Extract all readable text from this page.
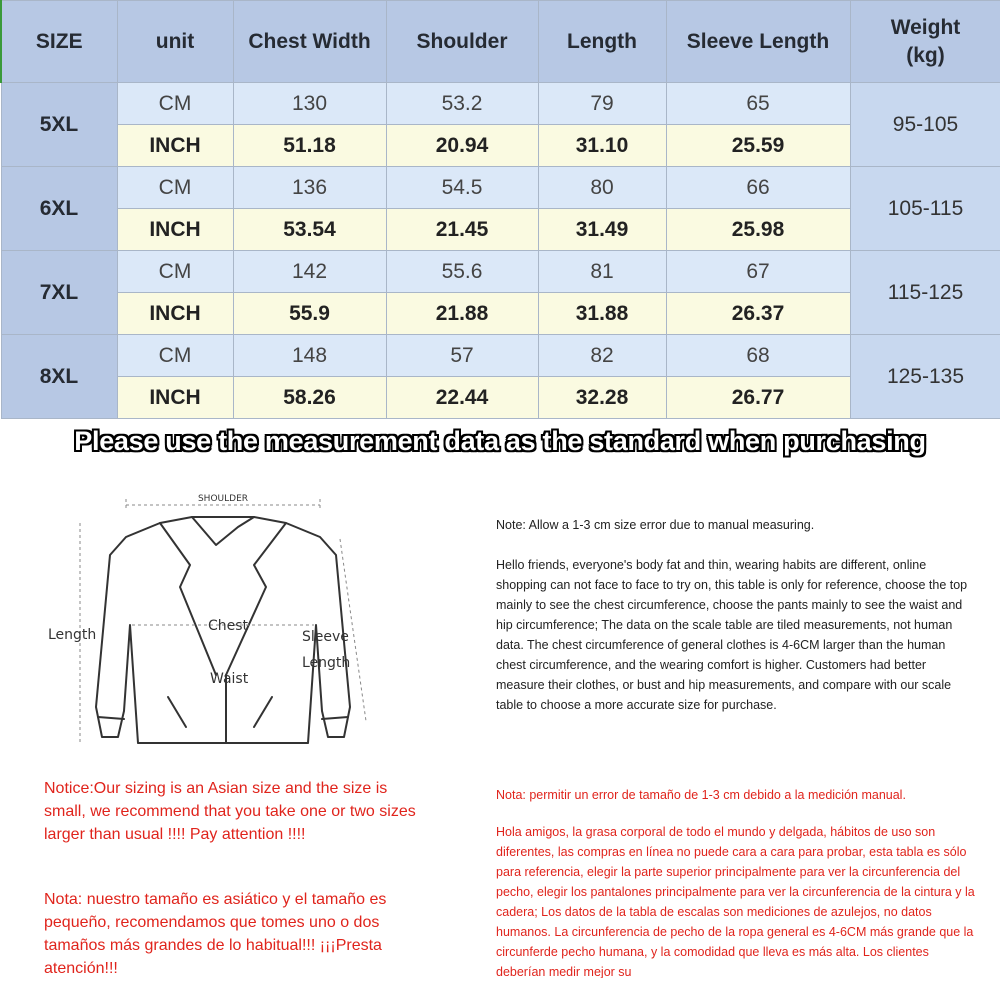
SIZE	unit	Chest Width	Shoulder	Length	Sleeve Length	Weight
(kg)
5XL	CM	130	53.2	79	65	95-105
	INCH	51.18	20.94	31.10	25.59	
6XL	CM	136	54.5	80	66	105-115
	INCH	53.54	21.45	31.49	25.98	
7XL	CM	142	55.6	81	67	115-125
	INCH	55.9	21.88	31.88	26.37	
8XL	CM	148	57	82	68	125-135
	INCH	58.26	22.44	32.28	26.77	
Please use the measurement data as the standard when purchasing
SHOULDER
Length
Chest
Waist
Sleeve
Length
Note: Allow a 1-3 cm size error due to manual measuring.
Hello friends, everyone's body fat and thin, wearing habits are different, online shopping can not face to face to try on, this table is only for reference, choose the top mainly to see the chest circumference, choose the pants mainly to see the waist and hip circumference; The data on the scale table are tiled measurements, not human data. The chest circumference of general clothes is 4-6CM larger than the human chest circumference, and the wearing comfort is higher. Customers had better measure their clothes, or bust and hip measurements, and compare with our scale table to choose a more accurate size for purchase.
Notice:Our sizing is an Asian size and the size is small, we recommend that you take one or two sizes larger than usual !!!! Pay attention !!!!
Nota: nuestro tamaño es asiático y el tamaño es pequeño, recomendamos que tomes uno o dos tamaños más grandes de lo habitual!!! ¡¡¡Presta atención!!!
Nota: permitir un error de tamaño de 1-3 cm debido a la medición manual.
Hola amigos, la grasa corporal de todo el mundo y delgada, hábitos de uso son diferentes, las compras en línea no puede cara a cara para probar, esta tabla es sólo para referencia, elegir la parte superior principalmente para ver la circunferencia del pecho, elegir los pantalones principalmente para ver la circunferencia de la cintura y la cadera; Los datos de la tabla de escalas son mediciones de azulejos, no datos humanos. La circunferencia de pecho de la ropa general es 4-6CM más grande que la circunferde pecho humana, y la comodidad que lleva es más alta. Los clientes deberían medir mejor su
